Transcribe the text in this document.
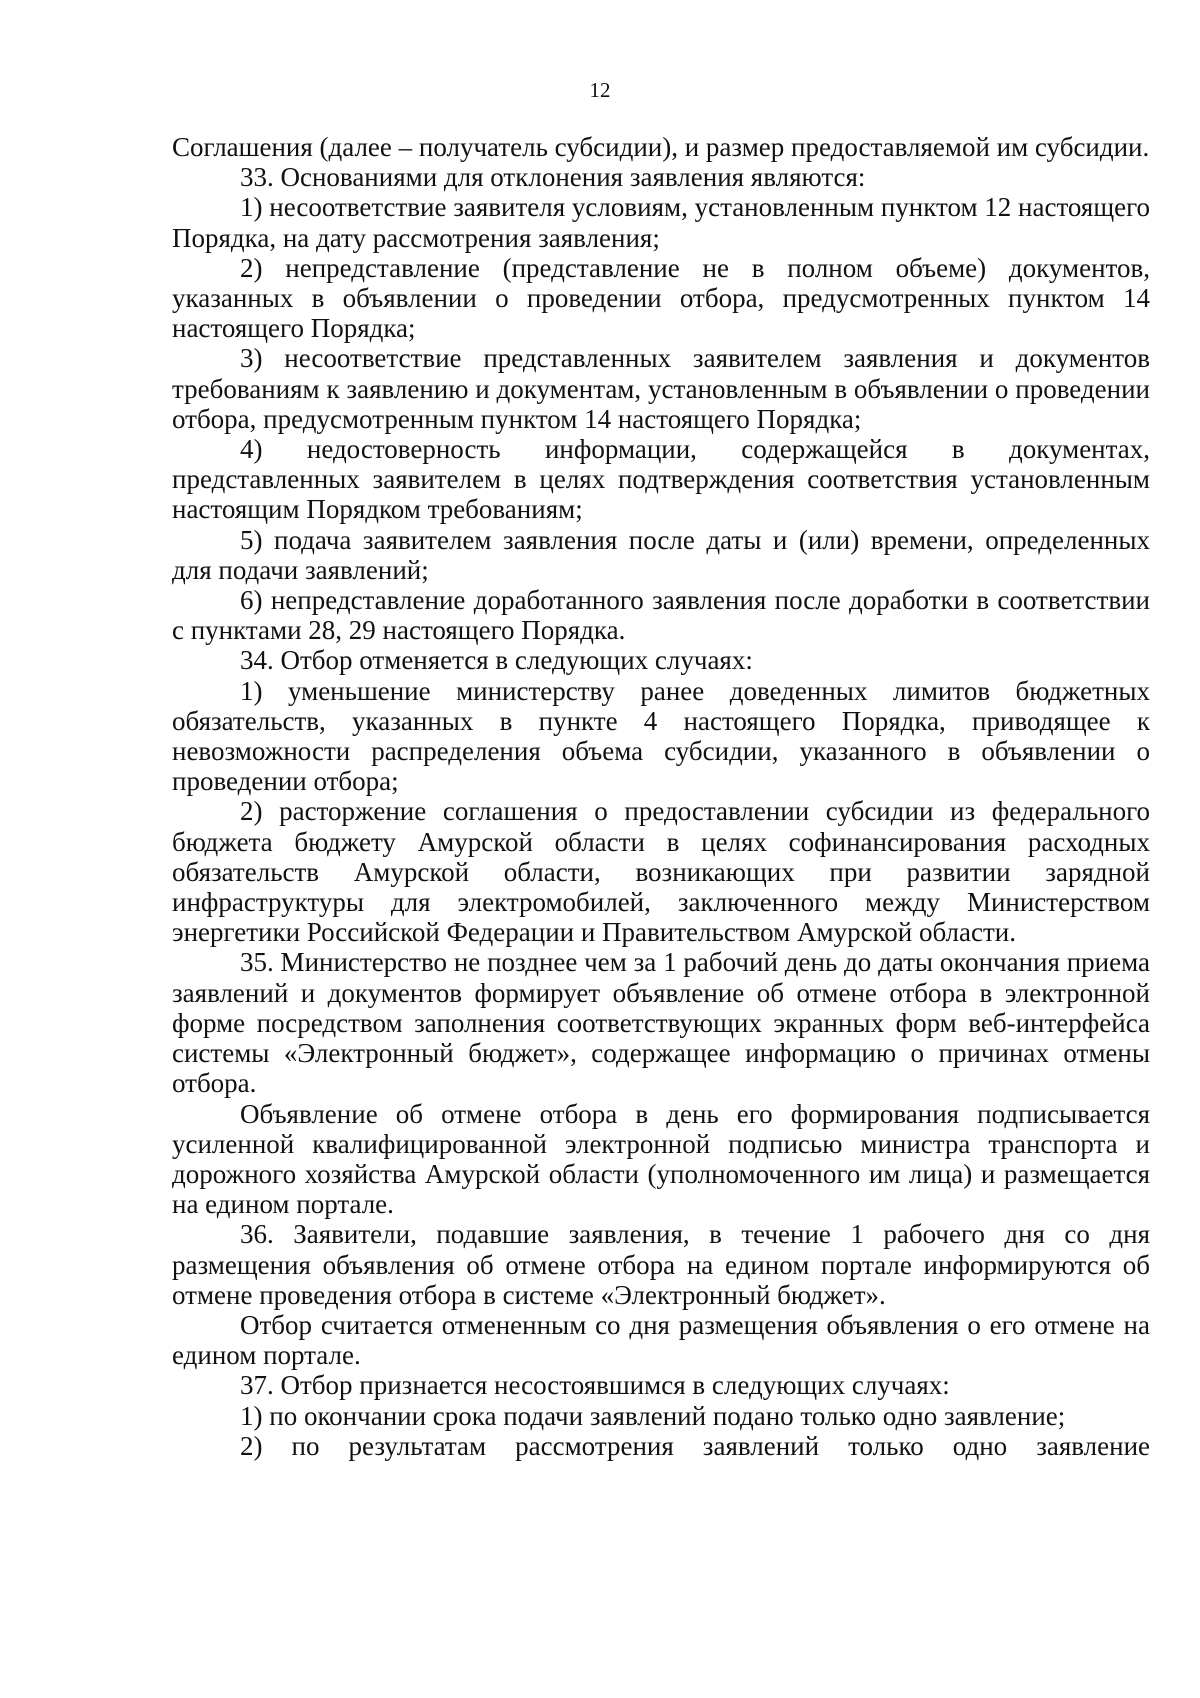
12

Соглашения (далее – получатель субсидии), и размер предоставляемой им субсидии.

33. Основаниями для отклонения заявления являются:

1) несоответствие заявителя условиям, установленным пунктом 12 настоящего Порядка, на дату рассмотрения заявления;

2) непредставление (представление не в полном объеме) документов, указанных в объявлении о проведении отбора, предусмотренных пунктом 14 настоящего Порядка;

3) несоответствие представленных заявителем заявления и документов требованиям к заявлению и документам, установленным в объявлении о проведении отбора, предусмотренным пунктом 14 настоящего Порядка;

4) недостоверность информации, содержащейся в документах, представленных заявителем в целях подтверждения соответствия установленным настоящим Порядком требованиям;

5) подача заявителем заявления после даты и (или) времени, определенных для подачи заявлений;

6) непредставление доработанного заявления после доработки в соответствии с пунктами 28, 29 настоящего Порядка.

34. Отбор отменяется в следующих случаях:

1) уменьшение министерству ранее доведенных лимитов бюджетных обязательств, указанных в пункте 4 настоящего Порядка, приводящее к невозможности распределения объема субсидии, указанного в объявлении о проведении отбора;

2) расторжение соглашения о предоставлении субсидии из федерального бюджета бюджету Амурской области в целях софинансирования расходных обязательств Амурской области, возникающих при развитии зарядной инфраструктуры для электромобилей, заключенного между Министерством энергетики Российской Федерации и Правительством Амурской области.

35. Министерство не позднее чем за 1 рабочий день до даты окончания приема заявлений и документов формирует объявление об отмене отбора в электронной форме посредством заполнения соответствующих экранных форм веб-интерфейса системы «Электронный бюджет», содержащее информацию о причинах отмены отбора.

Объявление об отмене отбора в день его формирования подписывается усиленной квалифицированной электронной подписью министра транспорта и дорожного хозяйства Амурской области (уполномоченного им лица) и размещается на едином портале.

36. Заявители, подавшие заявления, в течение 1 рабочего дня со дня размещения объявления об отмене отбора на едином портале информируются об отмене проведения отбора в системе «Электронный бюджет».

Отбор считается отмененным со дня размещения объявления о его отмене на едином портале.

37. Отбор признается несостоявшимся в следующих случаях:

1) по окончании срока подачи заявлений подано только одно заявление;

2) по результатам рассмотрения заявлений только одно заявление
